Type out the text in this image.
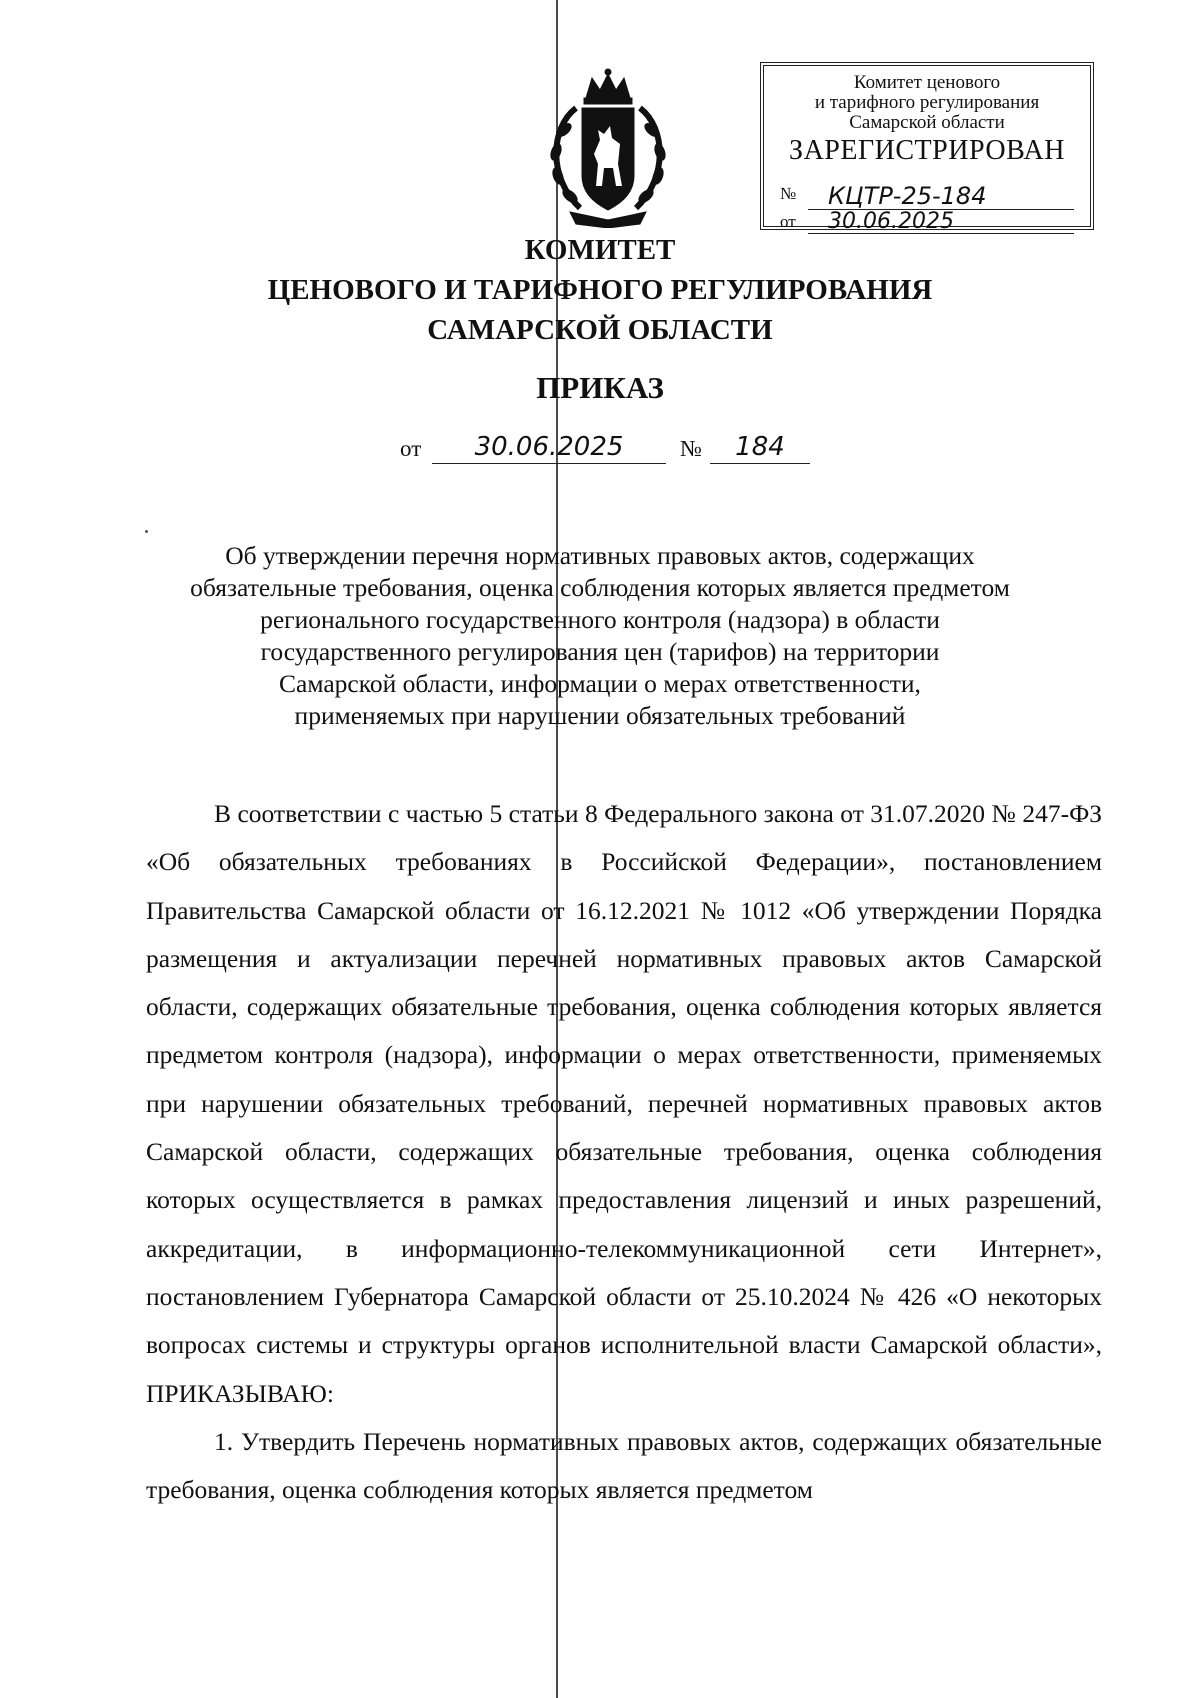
Комитет ценового
и тарифного регулирования
Самарской области
ЗАРЕГИСТРИРОВАН
№	КЦТР-25-184
от	30.06.2025
КОМИТЕТ
ЦЕНОВОГО И ТАРИФНОГО РЕГУЛИРОВАНИЯ
САМАРСКОЙ ОБЛАСТИ
ПРИКАЗ
от	30.06.2025	№	184
Об утверждении перечня нормативных правовых актов, содержащих
обязательные требования, оценка соблюдения которых является предметом
регионального государственного контроля (надзора) в области
государственного регулирования цен (тарифов) на территории
Самарской области, информации о мерах ответственности,
применяемых при нарушении обязательных требований

В соответствии с частью 5 статьи 8 Федерального закона от 31.07.2020 № 247-ФЗ «Об обязательных требованиях в Российской Федерации», постановлением Правительства Самарской области от 16.12.2021 № 1012 «Об утверждении Порядка размещения и актуализации перечней нормативных правовых актов Самарской области, содержащих обязательные требования, оценка соблюдения которых является предметом контроля (надзора), информации о мерах ответственности, применяемых при нарушении обязательных требований, перечней нормативных правовых актов Самарской области, содержащих обязательные требования, оценка соблюдения которых осуществляется в рамках предоставления лицензий и иных разрешений, аккредитации, в информационно-телекоммуникационной сети Интернет», постановлением Губернатора Самарской области от 25.10.2024 № 426 «О некоторых вопросах системы и структуры органов исполнительной власти Самарской области», ПРИКАЗЫВАЮ:

1. Утвердить Перечень нормативных правовых актов, содержащих обязательные требования, оценка соблюдения которых является предметом
